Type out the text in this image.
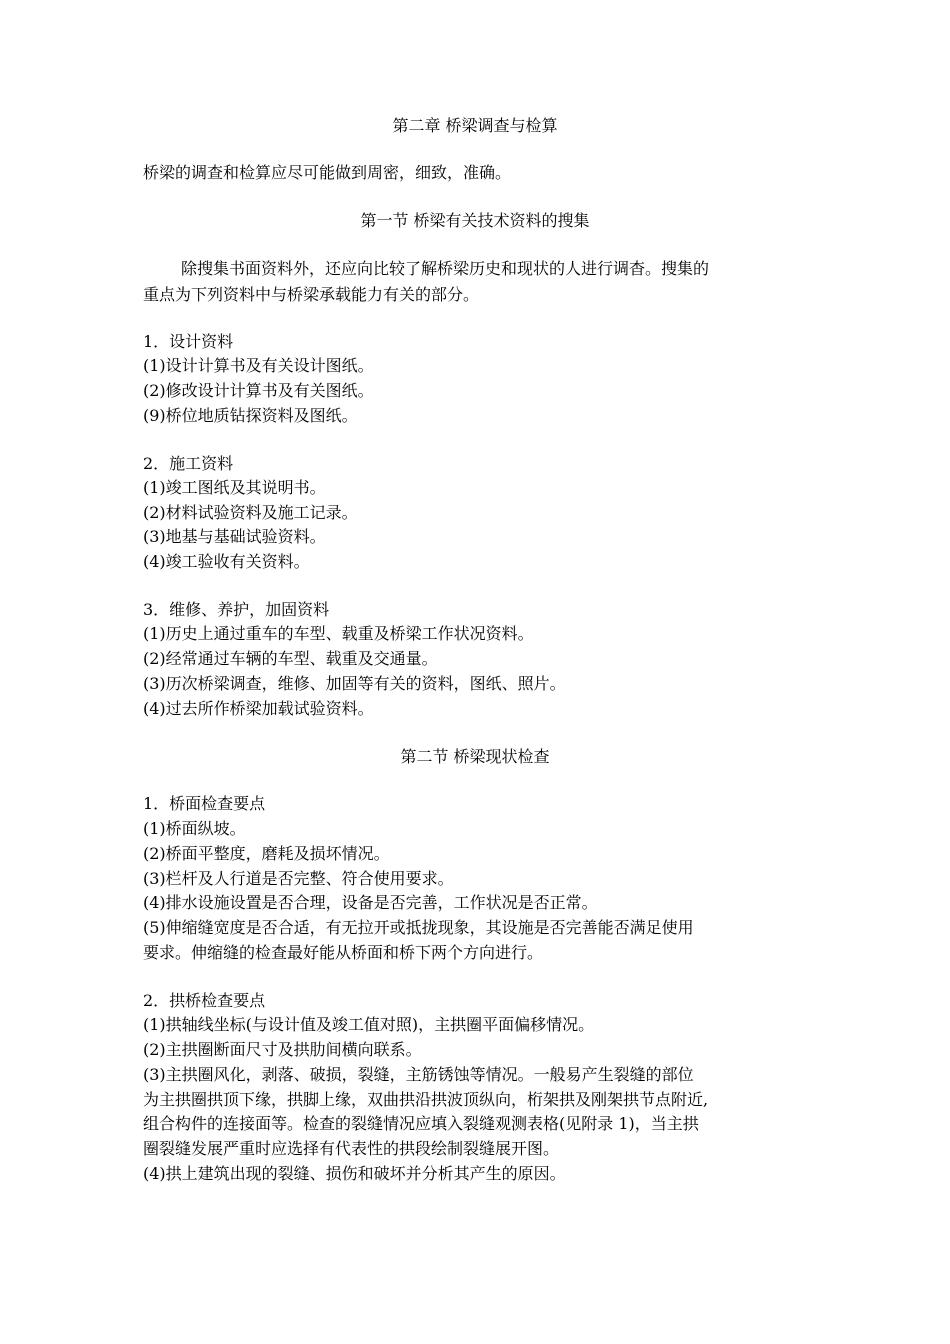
第二章 桥梁调查与检算
桥梁的调查和检算应尽可能做到周密，细致，准确。
第一节 桥梁有关技术资料的搜集
除搜集书面资料外，还应向比较了解桥梁历史和现状的人进行调杳。搜集的
重点为下列资料中与桥梁承载能力有关的部分。
1．设计资料
(1)设计计算书及有关设计图纸。
(2)修改设计计算书及有关图纸。
(9)桥位地质钻探资料及图纸。
2．施工资料
(1)竣工图纸及其说明书。
(2)材料试验资料及施工记录。
(3)地基与基础试验资料。
(4)竣工验收有关资料。
3．维修、养护，加固资料
(1)历史上通过重车的车型、载重及桥梁工作状况资料。
(2)经常通过车辆的车型、载重及交通量。
(3)历次桥梁调查，维修、加固等有关的资料，图纸、照片。
(4)过去所作桥梁加载试验资料。
第二节 桥梁现状检查
1．桥面检查要点
(1)桥面纵坡。
(2)桥面平整度，磨耗及损坏情况。
(3)栏杆及人行道是否完整、符合使用要求。
(4)排水设施设置是否合理，设备是否完善，工作状况是否正常。
(5)伸缩缝宽度是否合适，有无拉开或抵拢现象，其设施是否完善能否满足使用
要求。伸缩缝的检查最好能从桥面和桥下两个方向进行。
2．拱桥检查要点
(1)拱轴线坐标(与设计值及竣工值对照)，主拱圈平面偏移情况。
(2)主拱圈断面尺寸及拱肋间横向联系。
(3)主拱圈风化，剥落、破损，裂缝，主筋锈蚀等情况。一般易产生裂缝的部位
为主拱圈拱顶下缘，拱脚上缘，双曲拱沿拱波顶纵向，桁架拱及刚架拱节点附近,
组合构件的连接面等。检查的裂缝情况应填入裂缝观测表格(见附录 1)，当主拱
圈裂缝发展严重时应选择有代表性的拱段绘制裂缝展开图。
(4)拱上建筑出现的裂缝、损伤和破坏并分析其产生的原因。
